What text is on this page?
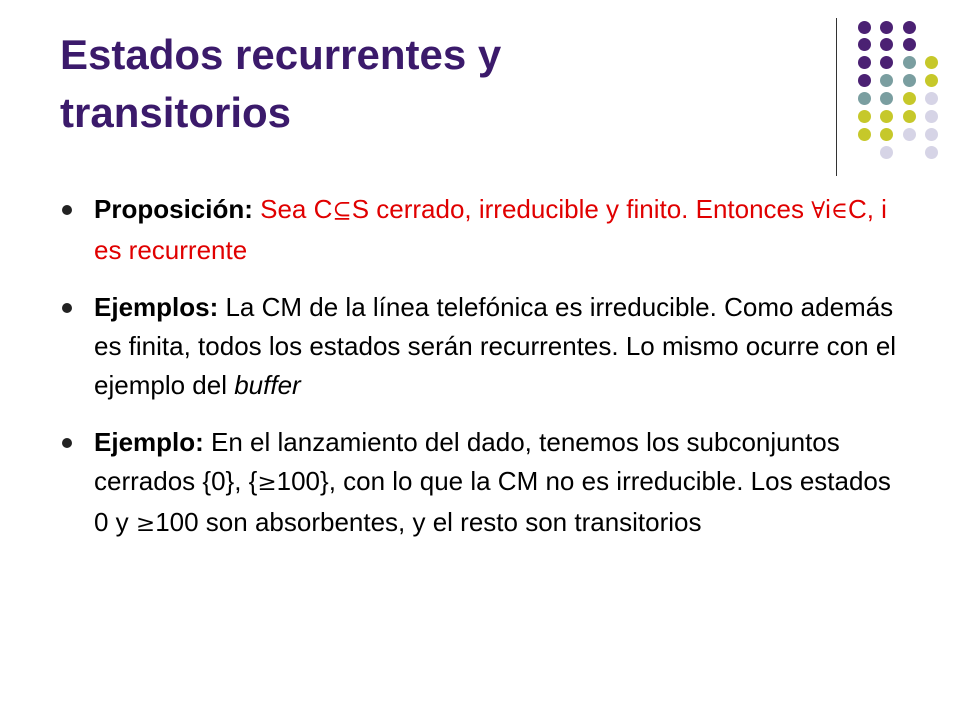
Estados recurrentes y
transitorios
Proposición: Sea C⊆S cerrado, irreducible y finito. Entonces ∀i∈C, i es recurrente
Ejemplos: La CM de la línea telefónica es irreducible. Como además es finita, todos los estados serán recurrentes. Lo mismo ocurre con el ejemplo del buffer
Ejemplo: En el lanzamiento del dado, tenemos los subconjuntos cerrados {0}, {≥100}, con lo que la CM no es irreducible. Los estados 0 y ≥100 son absorbentes, y el resto son transitorios
